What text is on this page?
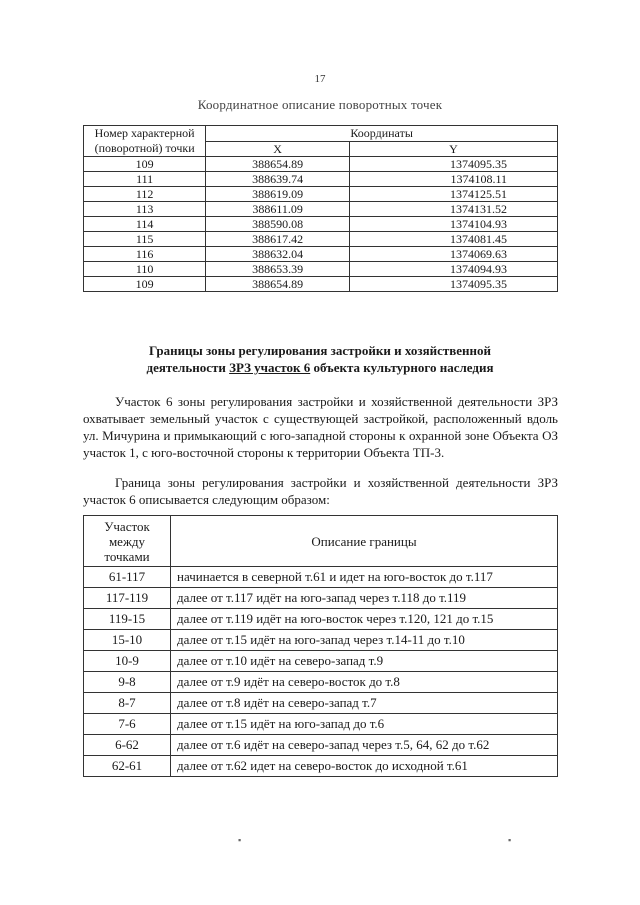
17
Координатное описание поворотных точек
Номер характерной
(поворотной) точки	Координаты	
	X	Y
109	388654.89	1374095.35
111	388639.74	1374108.11
112	388619.09	1374125.51
113	388611.09	1374131.52
114	388590.08	1374104.93
115	388617.42	1374081.45
116	388632.04	1374069.63
110	388653.39	1374094.93
109	388654.89	1374095.35
Границы зоны регулирования застройки и хозяйственной
деятельности ЗРЗ участок 6 объекта культурного наследия
Участок 6 зоны регулирования застройки и хозяйственной деятельности ЗРЗ охватывает земельный участок с существующей застройкой, расположенный вдоль ул. Мичурина и примыкающий с юго-западной стороны к охранной зоне Объекта ОЗ участок 1, с юго-восточной стороны к территории Объекта ТП-3.
Граница зоны регулирования застройки и хозяйственной деятельности ЗРЗ участок 6 описывается следующим образом:
Участок
между
точками	Описание границы
61-117	начинается в северной т.61 и идет на юго-восток до т.117
117-119	далее от т.117 идёт на юго-запад через т.118 до т.119
119-15	далее от т.119 идёт на юго-восток через т.120, 121 до т.15
15-10	далее от т.15 идёт на юго-запад через т.14-11 до т.10
10-9	далее от т.10 идёт на северо-запад т.9
9-8	далее от т.9 идёт на северо-восток до т.8
8-7	далее от т.8 идёт на северо-запад т.7
7-6	далее от т.15 идёт на юго-запад до т.6
6-62	далее от т.6 идёт на северо-запад через т.5, 64, 62 до т.62
62-61	далее от т.62 идет на северо-восток до исходной т.61
▪	▪
